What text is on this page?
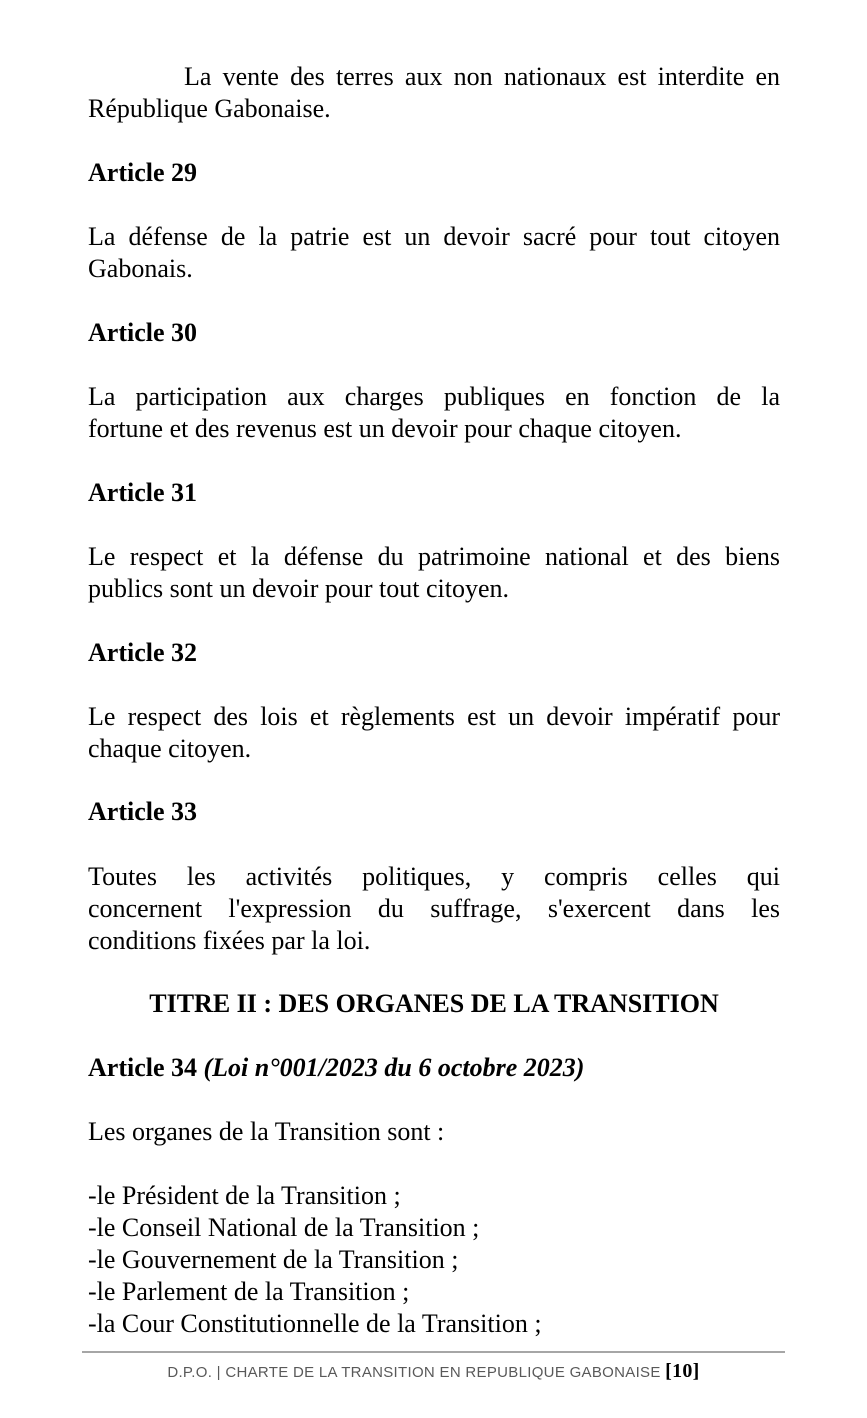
La vente des terres aux non nationaux est interdite en
République Gabonaise.
Article 29
La défense de la patrie est un devoir sacré pour tout citoyen
Gabonais.
Article 30
La participation aux charges publiques en fonction de la
fortune et des revenus est un devoir pour chaque citoyen.
Article 31
Le respect et la défense du patrimoine national et des biens
publics sont un devoir pour tout citoyen.
Article 32
Le respect des lois et règlements est un devoir impératif pour
chaque citoyen.
Article 33
Toutes les activités politiques, y compris celles qui
concernent l'expression du suffrage, s'exercent dans les
conditions fixées par la loi.
TITRE II : DES ORGANES DE LA TRANSITION
Article 34 (Loi n°001/2023 du 6 octobre 2023)
Les organes de la Transition sont :
-le Président de la Transition ;
-le Conseil National de la Transition ;
-le Gouvernement de la Transition ;
-le Parlement de la Transition ;
-la Cour Constitutionnelle de la Transition ;
D.P.O. | CHARTE DE LA TRANSITION EN REPUBLIQUE GABONAISE [10]
